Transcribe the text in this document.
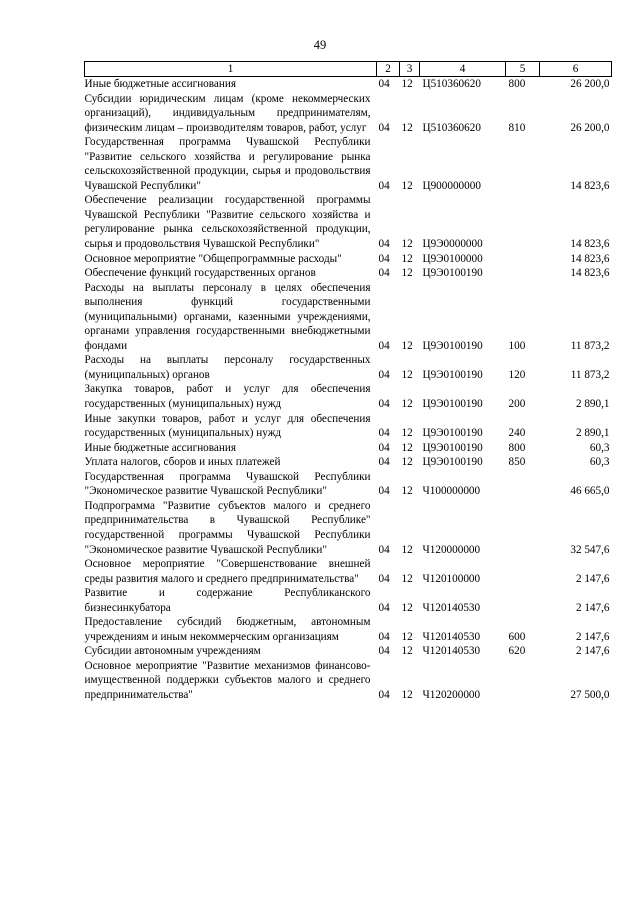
49
1	2	3	4	5	6
Иные бюджетные ассигнования	04	12	Ц510360620	800	26 200,0
Субсидии юридическим лицам (кроме некоммерческих организаций), индивидуальным предпринимателям, физическим лицам – производителям товаров, работ, услуг	04	12	Ц510360620	810	26 200,0
Государственная программа Чувашской Республики "Развитие сельского хозяйства и регулирование рынка сельскохозяйственной продукции, сырья и продовольствия Чувашской Республики"	04	12	Ц900000000		14 823,6
Обеспечение реализации государственной программы Чувашской Республики "Развитие сельского хозяйства и регулирование рынка сельскохозяйственной продукции, сырья и продовольствия Чувашской Республики"	04	12	Ц9Э0000000		14 823,6
Основное мероприятие "Общепрограммные расходы"	04	12	Ц9Э0100000		14 823,6
Обеспечение функций государственных органов	04	12	Ц9Э0100190		14 823,6
Расходы на выплаты персоналу в целях обеспечения выполнения функций государственными (муниципальными) органами, казенными учреждениями, органами управления государственными внебюджетными фондами	04	12	Ц9Э0100190	100	11 873,2
Расходы на выплаты персоналу государственных (муниципальных) органов	04	12	Ц9Э0100190	120	11 873,2
Закупка товаров, работ и услуг для обеспечения государственных (муниципальных) нужд	04	12	Ц9Э0100190	200	2 890,1
Иные закупки товаров, работ и услуг для обеспечения государственных (муниципальных) нужд	04	12	Ц9Э0100190	240	2 890,1
Иные бюджетные ассигнования	04	12	Ц9Э0100190	800	60,3
Уплата налогов, сборов и иных платежей	04	12	Ц9Э0100190	850	60,3
Государственная программа Чувашской Республики "Экономическое развитие Чувашской Республики"	04	12	Ч100000000		46 665,0
Подпрограмма "Развитие субъектов малого и среднего предпринимательства в Чувашской Республике" государственной программы Чувашской Республики "Экономическое развитие Чувашской Республики"	04	12	Ч120000000		32 547,6
Основное мероприятие "Совершенствование внешней среды развития малого и среднего предпринимательства"	04	12	Ч120100000		2 147,6
Развитие и содержание Республиканского бизнесинкубатора	04	12	Ч120140530		2 147,6
Предоставление субсидий бюджетным, автономным учреждениям и иным некоммерческим организациям	04	12	Ч120140530	600	2 147,6
Субсидии автономным учреждениям	04	12	Ч120140530	620	2 147,6
Основное мероприятие "Развитие механизмов финансово-имущественной поддержки субъектов малого и среднего предпринимательства"	04	12	Ч120200000		27 500,0
